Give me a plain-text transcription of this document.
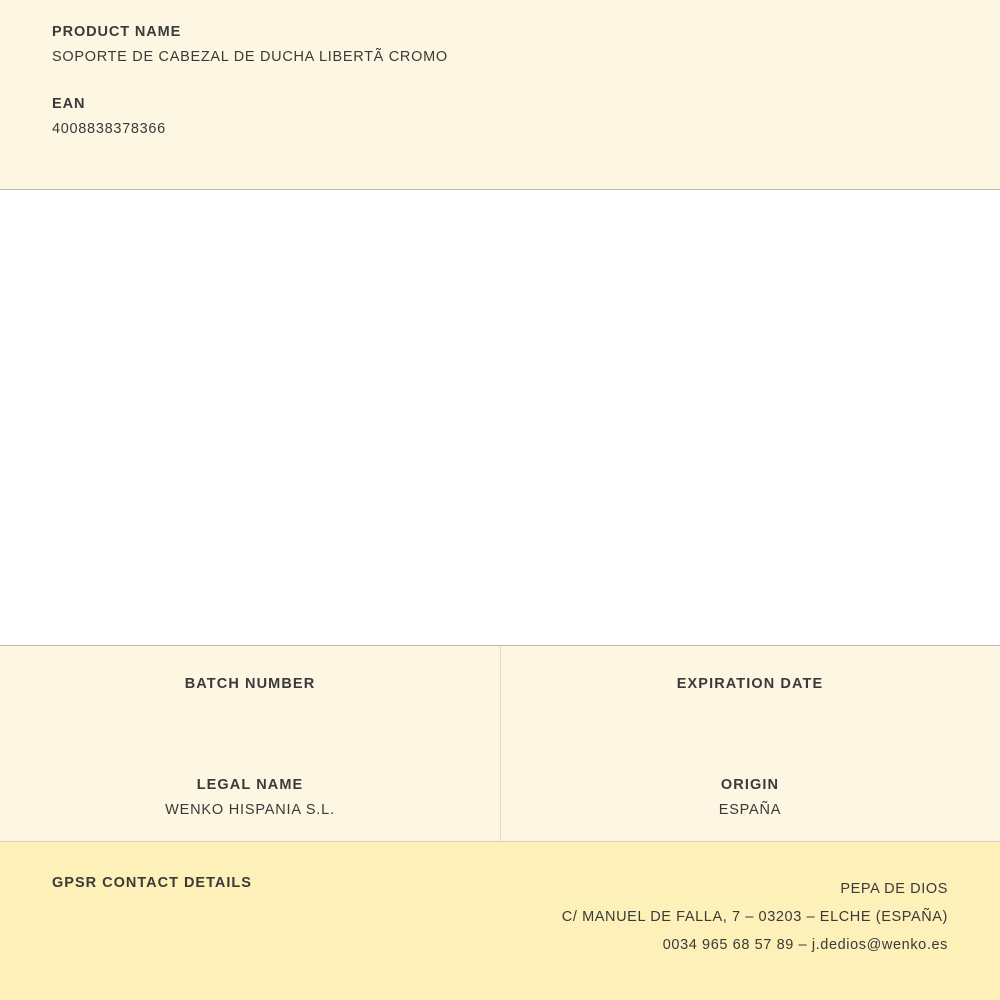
PRODUCT NAME

SOPORTE DE CABEZAL DE DUCHA LIBERTÃ CROMO

EAN

4008838378366

BATCH NUMBER	EXPIRATION DATE

LEGAL NAME

WENKO HISPANIA S.L.

ORIGIN

ESPAÑA

GPSR CONTACT DETAILS	PEPA DE DIOS
C/ MANUEL DE FALLA, 7 – 03203 – ELCHE (ESPAÑA)
0034 965 68 57 89 – j.dedios@wenko.es
